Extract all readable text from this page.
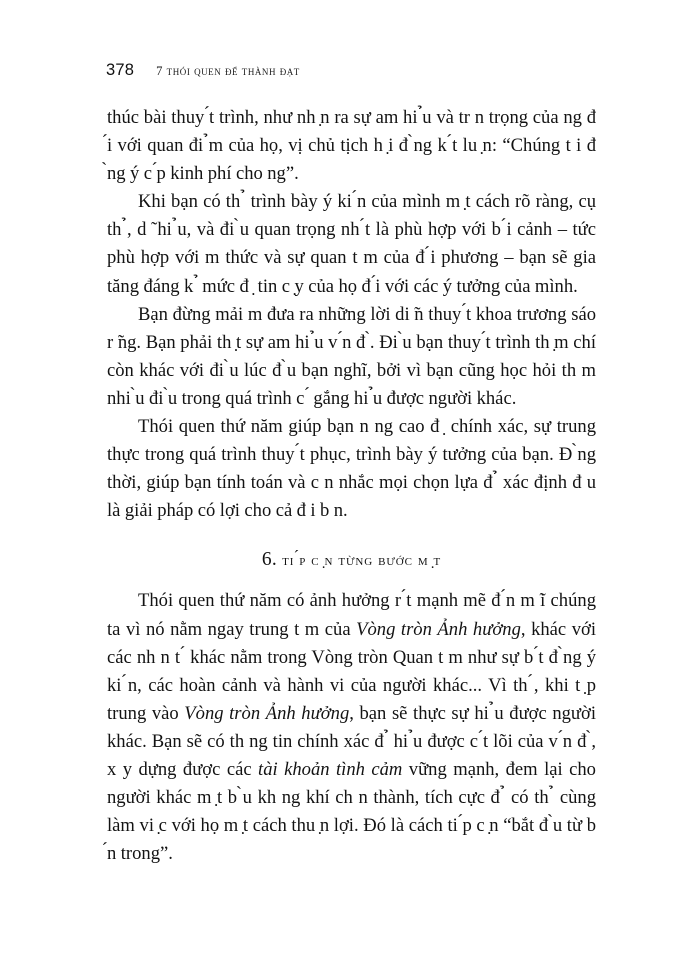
378 7 thói quen để thành đạt

thúc bài thuy ́t trình, như nh ̣n ra sự am hi ̉u và tr n trọng của ng đ ́i với quan đi ̉m của họ, vị chủ tịch h ̣i đ ̀ng k ́t lu ̣n: “Chúng t i đ ̀ng ý c ́p kinh phí cho ng”.

Khi bạn có th ̉ trình bày ý ki ́n của mình m ̣t cách rõ ràng, cụ th ̉, d ̃ hi ̉u, và đi ̀u quan trọng nh ́t là phù hợp với b ́i cảnh – tức phù hợp với m thức và sự quan t m của đ ́i phương – bạn sẽ gia tăng đáng k ̉ mức đ ̣ tin c ̣y của họ đ ́i với các ý tưởng của mình.

Bạn đừng mải m đưa ra những lời di ̃n thuy ́t khoa trương sáo r ̃ng. Bạn phải th ̣t sự am hi ̉u v ́n đ ̀. Đi ̀u bạn thuy ́t trình th ̣m chí còn khác với đi ̀u lúc đ ̀u bạn nghĩ, bởi vì bạn cũng học hỏi th m nhi ̀u đi ̀u trong quá trình c ́ gắng hi ̉u được người khác.

Thói quen thứ năm giúp bạn n ng cao đ ̣ chính xác, sự trung thực trong quá trình thuy ́t phục, trình bày ý tưởng của bạn. Đ ̀ng thời, giúp bạn tính toán và c n nhắc mọi chọn lựa đ ̉ xác định đ u là giải pháp có lợi cho cả đ i b n.

6. ti ́p c ̣n từng bước m ̣t

Thói quen thứ năm có ảnh hưởng r ́t mạnh mẽ đ ́n m ̃i chúng ta vì nó nằm ngay trung t m của Vòng tròn Ảnh hưởng, khác với các nh n t ́ khác nằm trong Vòng tròn Quan t m như sự b ́t đ ̀ng ý ki ́n, các hoàn cảnh và hành vi của người khác... Vì th ́, khi t ̣p trung vào Vòng tròn Ảnh hưởng, bạn sẽ thực sự hi ̉u được người khác. Bạn sẽ có th ng tin chính xác đ ̉ hi ̉u được c ́t lõi của v ́n đ ̀, x y dựng được các tài khoản tình cảm vững mạnh, đem lại cho người khác m ̣t b ̀u kh ng khí ch n thành, tích cực đ ̉ có th ̉ cùng làm vi ̣c với họ m ̣t cách thu ̣n lợi. Đó là cách ti ́p c ̣n “bắt đ ̀u từ b ́n trong”.
